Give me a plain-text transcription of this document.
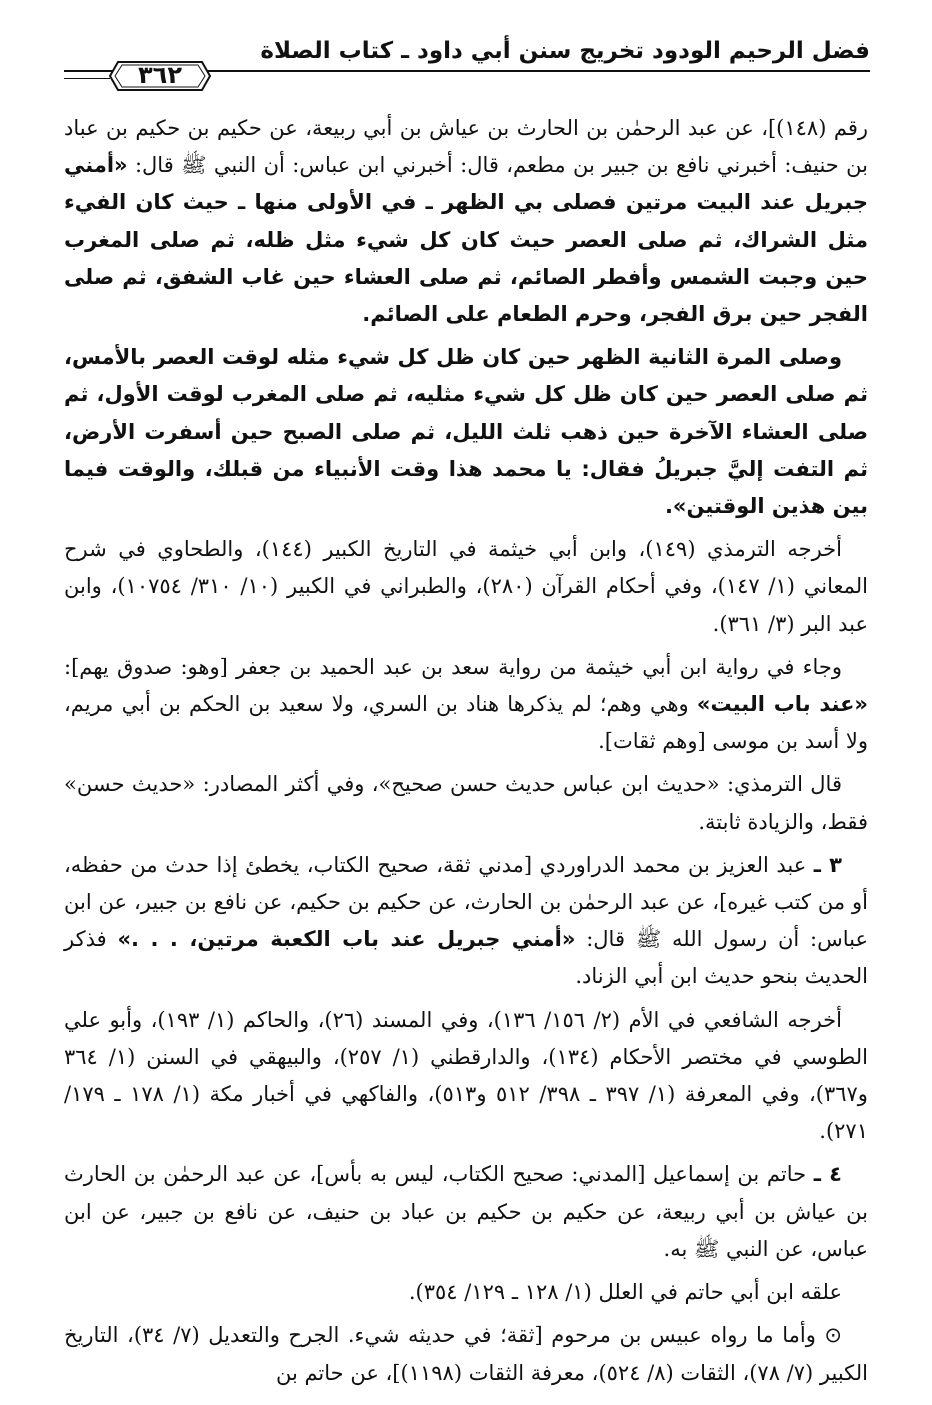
فضل الرحيم الودود تخريج سنن أبي داود ـ كتاب الصلاة
٣٦٢

رقم (١٤٨)]، عن عبد الرحمٰن بن الحارث بن عياش بن أبي ربيعة، عن حكيم بن حكيم بن عباد بن حنيف: أخبرني نافع بن جبير بن مطعم، قال: أخبرني ابن عباس: أن النبي ﷺ قال: «أمني جبريل عند البيت مرتين فصلى بي الظهر ـ في الأولى منها ـ حيث كان الفيء مثل الشراك، ثم صلى العصر حيث كان كل شيء مثل ظله، ثم صلى المغرب حين وجبت الشمس وأفطر الصائم، ثم صلى العشاء حين غاب الشفق، ثم صلى الفجر حين برق الفجر، وحرم الطعام على الصائم.

وصلى المرة الثانية الظهر حين كان ظل كل شيء مثله لوقت العصر بالأمس، ثم صلى العصر حين كان ظل كل شيء مثليه، ثم صلى المغرب لوقت الأول، ثم صلى العشاء الآخرة حين ذهب ثلث الليل، ثم صلى الصبح حين أسفرت الأرض، ثم التفت إليَّ جبريلُ فقال: يا محمد هذا وقت الأنبياء من قبلك، والوقت فيما بين هذين الوقتين».

أخرجه الترمذي (١٤٩)، وابن أبي خيثمة في التاريخ الكبير (١٤٤)، والطحاوي في شرح المعاني (١/ ١٤٧)، وفي أحكام القرآن (٢٨٠)، والطبراني في الكبير (١٠/ ٣١٠/ ١٠٧٥٤)، وابن عبد البر (٣/ ٣٦١).

وجاء في رواية ابن أبي خيثمة من رواية سعد بن عبد الحميد بن جعفر [وهو: صدوق يهم]: «عند باب البيت» وهي وهم؛ لم يذكرها هناد بن السري، ولا سعيد بن الحكم بن أبي مريم، ولا أسد بن موسى [وهم ثقات].

قال الترمذي: «حديث ابن عباس حديث حسن صحيح»، وفي أكثر المصادر: «حديث حسن» فقط، والزيادة ثابتة.

٣ ـ عبد العزيز بن محمد الدراوردي [مدني ثقة، صحيح الكتاب، يخطئ إذا حدث من حفظه، أو من كتب غيره]، عن عبد الرحمٰن بن الحارث، عن حكيم بن حكيم، عن نافع بن جبير، عن ابن عباس: أن رسول الله ﷺ قال: «أمني جبريل عند باب الكعبة مرتين، . . .» فذكر الحديث بنحو حديث ابن أبي الزناد.

أخرجه الشافعي في الأم (٢/ ١٥٦/ ١٣٦)، وفي المسند (٢٦)، والحاكم (١/ ١٩٣)، وأبو علي الطوسي في مختصر الأحكام (١٣٤)، والدارقطني (١/ ٢٥٧)، والبيهقي في السنن (١/ ٣٦٤ و٣٦٧)، وفي المعرفة (١/ ٣٩٧ ـ ٣٩٨/ ٥١٢ و٥١٣)، والفاكهي في أخبار مكة (١/ ١٧٨ ـ ١٧٩/ ٢٧١).

٤ ـ حاتم بن إسماعيل [المدني: صحيح الكتاب، ليس به بأس]، عن عبد الرحمٰن بن الحارث بن عياش بن أبي ربيعة، عن حكيم بن حكيم بن عباد بن حنيف، عن نافع بن جبير، عن ابن عباس، عن النبي ﷺ به.

علقه ابن أبي حاتم في العلل (١/ ١٢٨ ـ ١٢٩/ ٣٥٤).

⊙ وأما ما رواه عبيس بن مرحوم [ثقة؛ في حديثه شيء. الجرح والتعديل (٧/ ٣٤)، التاريخ الكبير (٧/ ٧٨)، الثقات (٨/ ٥٢٤)، معرفة الثقات (١١٩٨)]، عن حاتم بن
